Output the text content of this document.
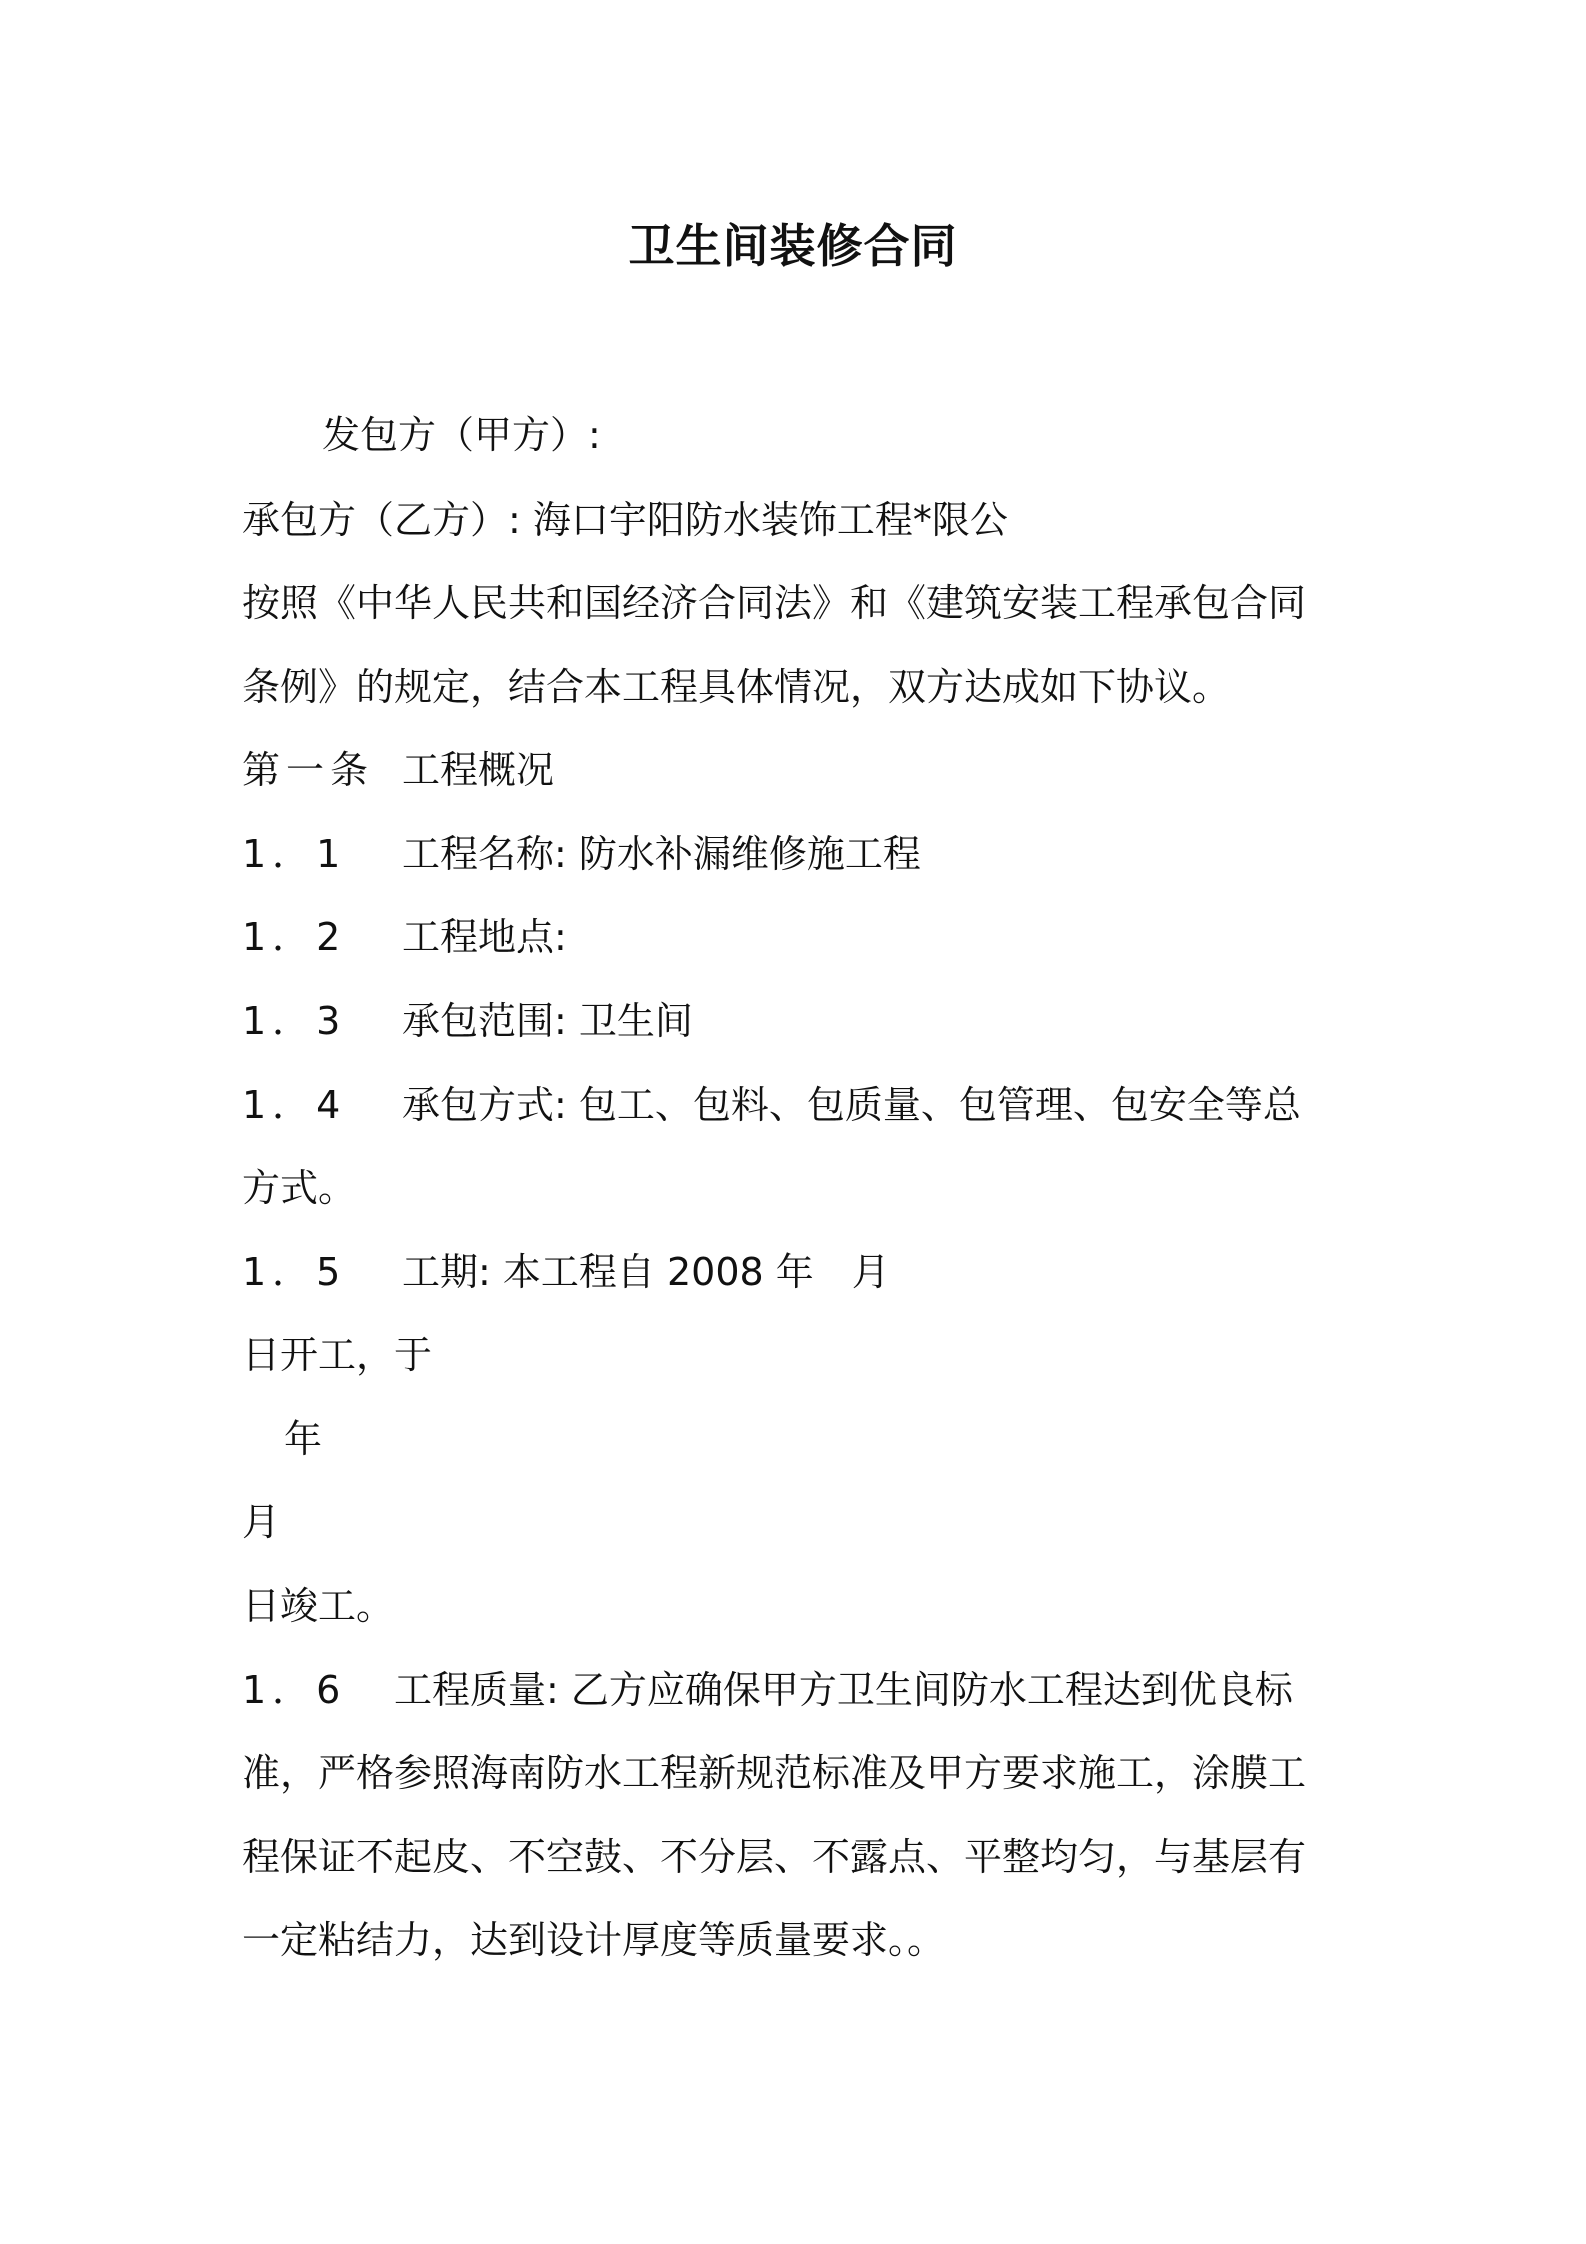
卫生间装修合同
发包方（甲方）:
承包方（乙方）: 海口宇阳防水装饰工程*限公
按照《中华人民共和国经济合同法》和《建筑安装工程承包合同
条例》的规定，结合本工程具体情况，双方达成如下协议。
第一条 工程概况
1．1 工程名称: 防水补漏维修施工程
1．2 工程地点:
1．3 承包范围: 卫生间
1．4 承包方式: 包工、包料、包质量、包管理、包安全等总
方式。
1．5 工期: 本工程自 2008 年　月
日开工，于
年
月
日竣工。
1．6 工程质量: 乙方应确保甲方卫生间防水工程达到优良标
准，严格参照海南防水工程新规范标准及甲方要求施工，涂膜工
程保证不起皮、不空鼓、不分层、不露点、平整均匀，与基层有
一定粘结力，达到设计厚度等质量要求。。
